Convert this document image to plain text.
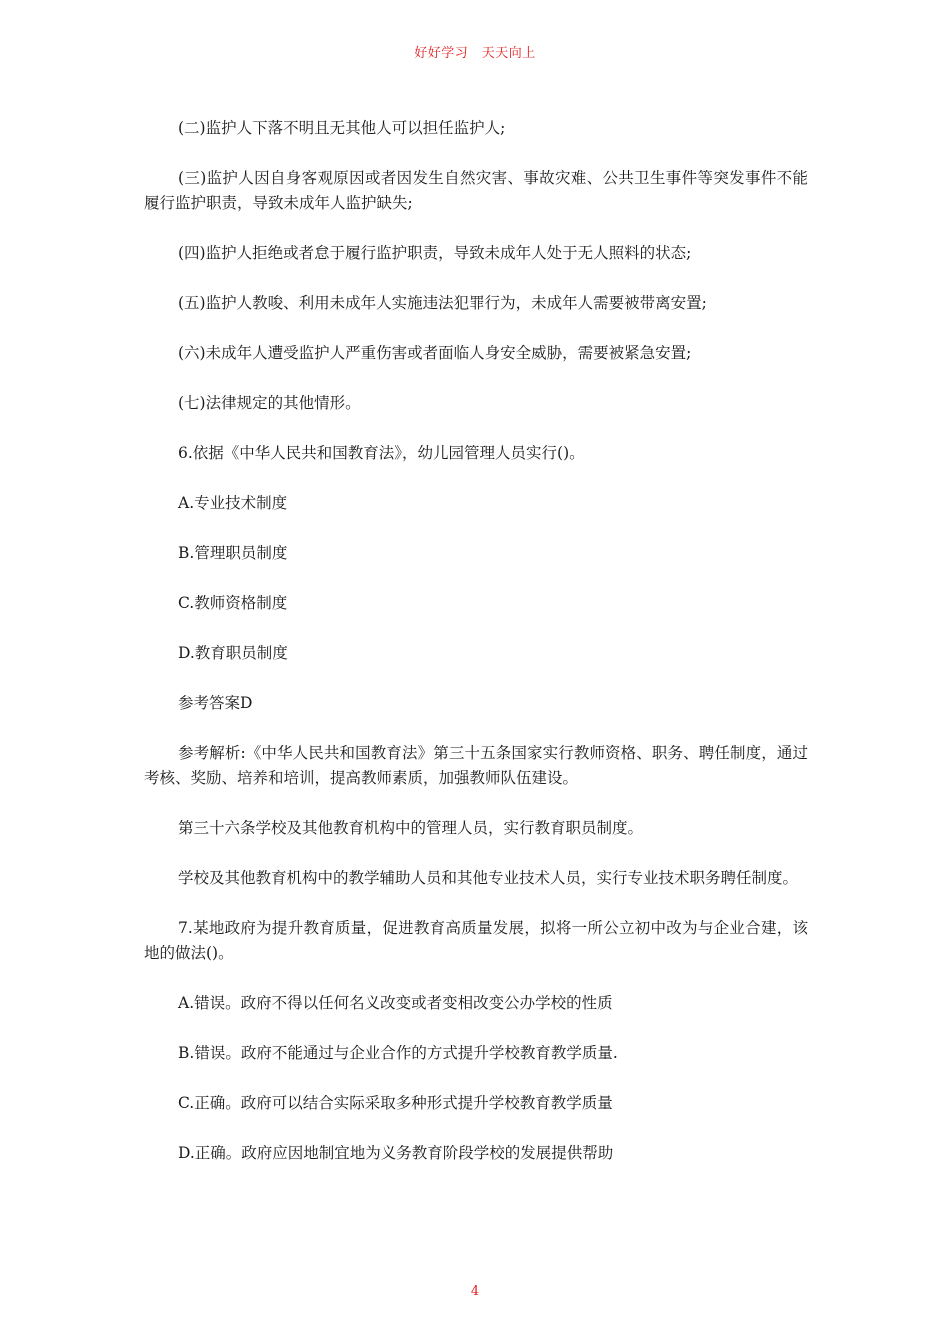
好好学习　天天向上

(二)监护人下落不明且无其他人可以担任监护人;

(三)监护人因自身客观原因或者因发生自然灾害、事故灾难、公共卫生事件等突发事件不能履行监护职责，导致未成年人监护缺失;

(四)监护人拒绝或者怠于履行监护职责，导致未成年人处于无人照料的状态;

(五)监护人教唆、利用未成年人实施违法犯罪行为，未成年人需要被带离安置;

(六)未成年人遭受监护人严重伤害或者面临人身安全威胁，需要被紧急安置;

(七)法律规定的其他情形。

6.依据《中华人民共和国教育法》，幼儿园管理人员实行()。

A.专业技术制度

B.管理职员制度

C.教师资格制度

D.教育职员制度

参考答案D

参考解析:《中华人民共和国教育法》第三十五条国家实行教师资格、职务、聘任制度，通过考核、奖励、培养和培训，提高教师素质，加强教师队伍建设。

第三十六条学校及其他教育机构中的管理人员，实行教育职员制度。

学校及其他教育机构中的教学辅助人员和其他专业技术人员，实行专业技术职务聘任制度。

7.某地政府为提升教育质量，促进教育高质量发展，拟将一所公立初中改为与企业合建，该地的做法()。

A.错误。政府不得以任何名义改变或者变相改变公办学校的性质

B.错误。政府不能通过与企业合作的方式提升学校教育教学质量.

C.正确。政府可以结合实际采取多种形式提升学校教育教学质量

D.正确。政府应因地制宜地为义务教育阶段学校的发展提供帮助

4
